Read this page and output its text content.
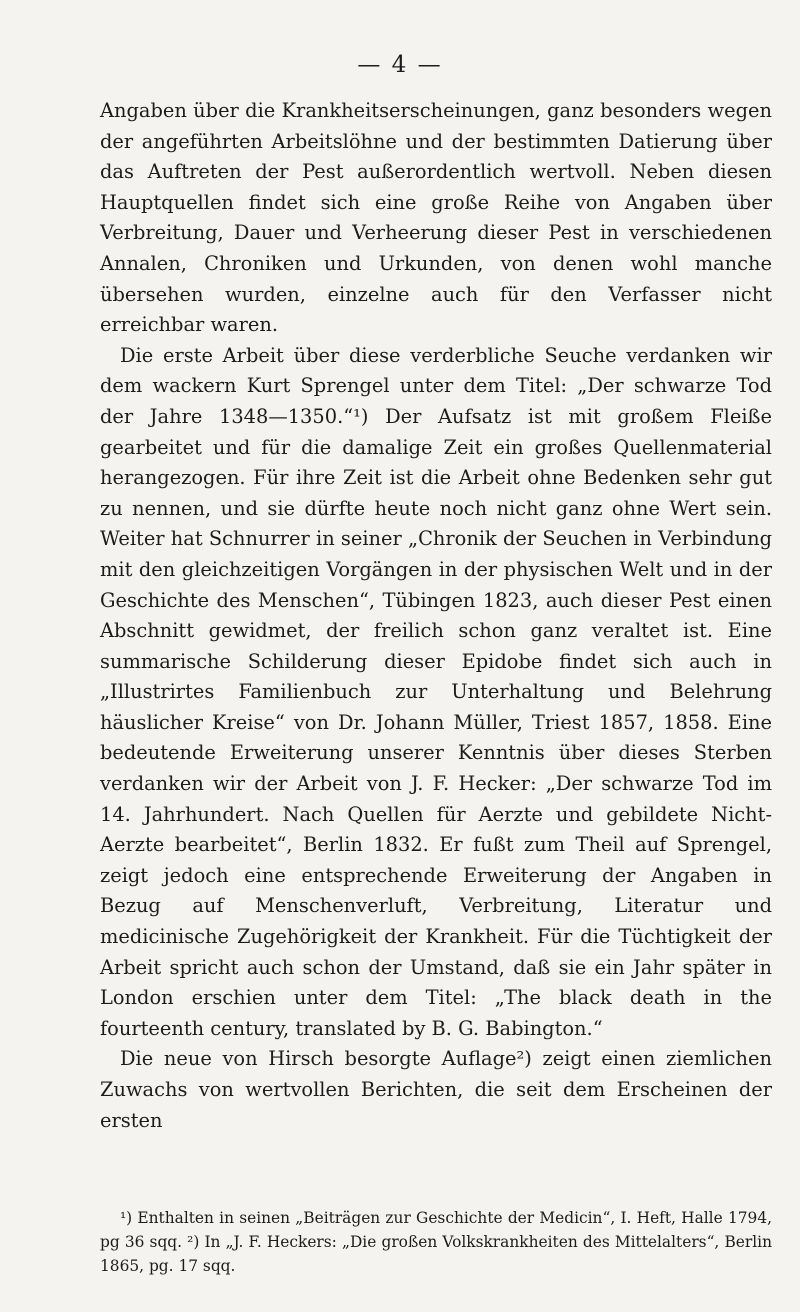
— 4 —

Angaben über die Krankheitserscheinungen, ganz besonders wegen der angeführten Arbeitslöhne und der bestimmten Datierung über das Auftreten der Pest außerordentlich wertvoll. Neben diesen Hauptquellen findet sich eine große Reihe von Angaben über Verbreitung, Dauer und Verheerung dieser Pest in verschiedenen Annalen, Chroniken und Urkunden, von denen wohl manche übersehen wurden, einzelne auch für den Verfasser nicht erreichbar waren.

Die erste Arbeit über diese verderbliche Seuche verdanken wir dem wackern Kurt Sprengel unter dem Titel: „Der schwarze Tod der Jahre 1348—1350.“¹) Der Aufsatz ist mit großem Fleiße gearbeitet und für die damalige Zeit ein großes Quellenmaterial herangezogen. Für ihre Zeit ist die Arbeit ohne Bedenken sehr gut zu nennen, und sie dürfte heute noch nicht ganz ohne Wert sein. Weiter hat Schnurrer in seiner „Chronik der Seuchen in Verbindung mit den gleichzeitigen Vorgängen in der physischen Welt und in der Geschichte des Menschen“, Tübingen 1823, auch dieser Pest einen Abschnitt gewidmet, der freilich schon ganz veraltet ist. Eine summarische Schilderung dieser Epidobe findet sich auch in „Illustrirtes Familienbuch zur Unterhaltung und Belehrung häuslicher Kreise“ von Dr. Johann Müller, Triest 1857, 1858. Eine bedeutende Erweiterung unserer Kenntnis über dieses Sterben verdanken wir der Arbeit von J. F. Hecker: „Der schwarze Tod im 14. Jahrhundert. Nach Quellen für Aerzte und gebildete Nicht-Aerzte bearbeitet“, Berlin 1832. Er fußt zum Theil auf Sprengel, zeigt jedoch eine entsprechende Erweiterung der Angaben in Bezug auf Menschenverluft, Verbreitung, Literatur und medicinische Zugehörigkeit der Krankheit. Für die Tüchtigkeit der Arbeit spricht auch schon der Umstand, daß sie ein Jahr später in London erschien unter dem Titel: „The black death in the fourteenth century, translated by B. G. Babington.“

Die neue von Hirsch besorgte Auflage²) zeigt einen ziemlichen Zuwachs von wertvollen Berichten, die seit dem Erscheinen der ersten

¹) Enthalten in seinen „Beiträgen zur Geschichte der Medicin“, I. Heft, Halle 1794, pg 36 sqq. ²) In „J. F. Heckers: „Die großen Volkskrankheiten des Mittelalters“, Berlin 1865, pg. 17 sqq.
